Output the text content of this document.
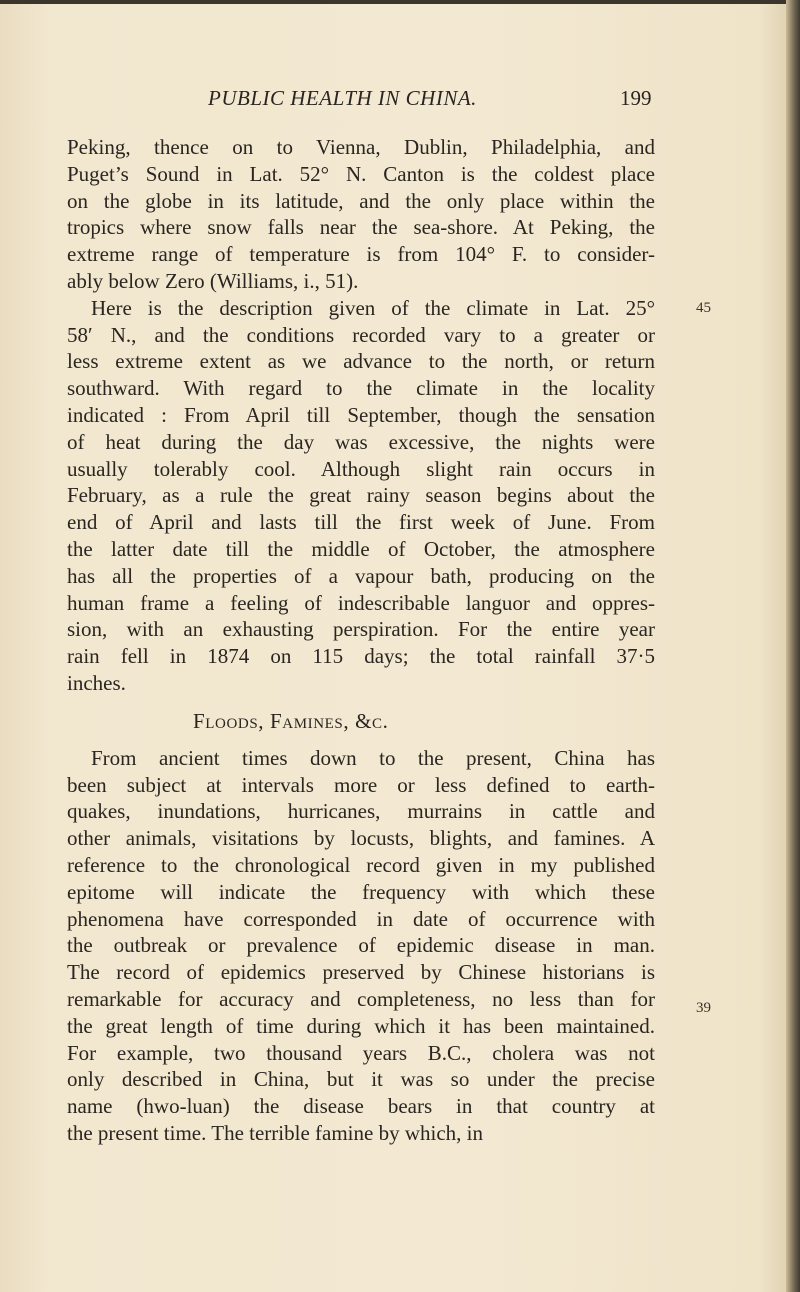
PUBLIC HEALTH IN CHINA.	199
Peking, thence on to Vienna, Dublin, Philadelphia, and
Puget’s Sound in Lat. 52° N. Canton is the coldest place
on the globe in its latitude, and the only place within the
tropics where snow falls near the sea-shore. At Peking, the
extreme range of temperature is from 104° F. to consider-
ably below Zero (Williams, i., 51).
Here is the description given of the climate in Lat. 25°
58′ N., and the conditions recorded vary to a greater or
less extreme extent as we advance to the north, or return
southward. With regard to the climate in the locality
indicated : From April till September, though the sensation
of heat during the day was excessive, the nights were
usually tolerably cool. Although slight rain occurs in
February, as a rule the great rainy season begins about the
end of April and lasts till the first week of June. From
the latter date till the middle of October, the atmosphere
has all the properties of a vapour bath, producing on the
human frame a feeling of indescribable languor and oppres-
sion, with an exhausting perspiration. For the entire year
rain fell in 1874 on 115 days; the total rainfall 37·5
inches.
Floods, Famines, &c.
From ancient times down to the present, China has
been subject at intervals more or less defined to earth-
quakes, inundations, hurricanes, murrains in cattle and
other animals, visitations by locusts, blights, and famines. A
reference to the chronological record given in my published
epitome will indicate the frequency with which these
phenomena have corresponded in date of occurrence with
the outbreak or prevalence of epidemic disease in man.
The record of epidemics preserved by Chinese historians is
remarkable for accuracy and completeness, no less than for
the great length of time during which it has been maintained.
For example, two thousand years B.C., cholera was not
only described in China, but it was so under the precise
name (hwo-luan) the disease bears in that country at
the present time. The terrible famine by which, in
45
39
